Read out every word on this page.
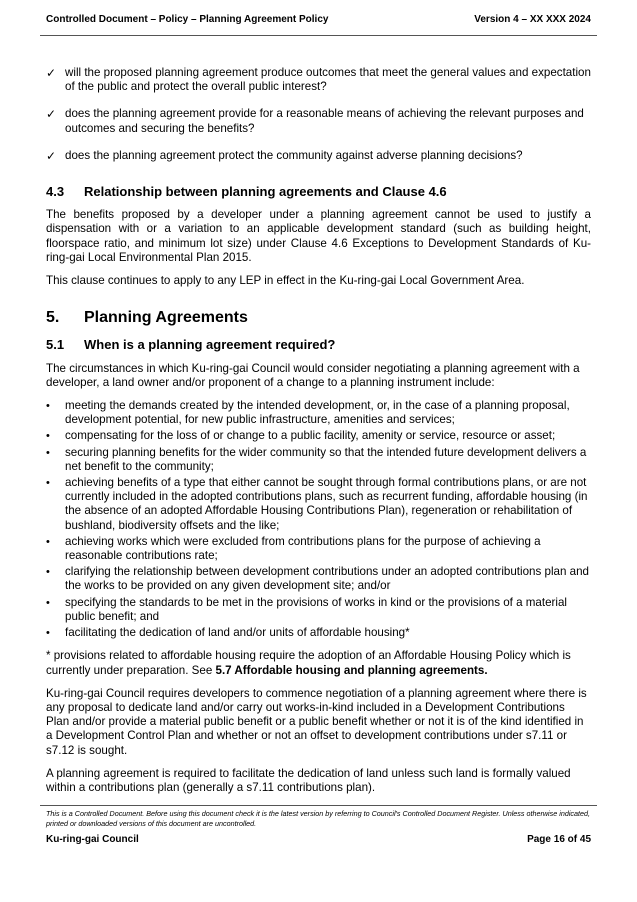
Controlled Document – Policy – Planning Agreement Policy	Version 4 – XX XXX 2024
✓ will the proposed planning agreement produce outcomes that meet the general values and expectation of the public and protect the overall public interest?
✓ does the planning agreement provide for a reasonable means of achieving the relevant purposes and outcomes and securing the benefits?
✓ does the planning agreement protect the community against adverse planning decisions?
4.3	Relationship between planning agreements and Clause 4.6

The benefits proposed by a developer under a planning agreement cannot be used to justify a dispensation with or a variation to an applicable development standard (such as building height, floorspace ratio, and minimum lot size) under Clause 4.6 Exceptions to Development Standards of Ku-ring-gai Local Environmental Plan 2015.

This clause continues to apply to any LEP in effect in the Ku-ring-gai Local Government Area.

5.	Planning Agreements
5.1	When is a planning agreement required?

The circumstances in which Ku-ring-gai Council would consider negotiating a planning agreement with a developer, a land owner and/or proponent of a change to a planning instrument include:

•	meeting the demands created by the intended development, or, in the case of a planning proposal, development potential, for new public infrastructure, amenities and services;
•	compensating for the loss of or change to a public facility, amenity or service, resource or asset;
•	securing planning benefits for the wider community so that the intended future development delivers a net benefit to the community;
•	achieving benefits of a type that either cannot be sought through formal contributions plans, or are not currently included in the adopted contributions plans, such as recurrent funding, affordable housing (in the absence of an adopted Affordable Housing Contributions Plan), regeneration or rehabilitation of bushland, biodiversity offsets and the like;
•	achieving works which were excluded from contributions plans for the purpose of achieving a reasonable contributions rate;
•	clarifying the relationship between development contributions under an adopted contributions plan and the works to be provided on any given development site; and/or
•	specifying the standards to be met in the provisions of works in kind or the provisions of a material public benefit; and
•	facilitating the dedication of land and/or units of affordable housing*

* provisions related to affordable housing require the adoption of an Affordable Housing Policy which is currently under preparation. See 5.7 Affordable housing and planning agreements.

Ku-ring-gai Council requires developers to commence negotiation of a planning agreement where there is any proposal to dedicate land and/or carry out works-in-kind included in a Development Contributions Plan and/or provide a material public benefit or a public benefit whether or not it is of the kind identified in a Development Control Plan and whether or not an offset to development contributions under s7.11 or s7.12 is sought.

A planning agreement is required to facilitate the dedication of land unless such land is formally valued within a contributions plan (generally a s7.11 contributions plan).

This is a Controlled Document. Before using this document check it is the latest version by referring to Council's Controlled Document Register. Unless otherwise indicated, printed or downloaded versions of this document are uncontrolled.
Ku-ring-gai Council	Page 16 of 45
